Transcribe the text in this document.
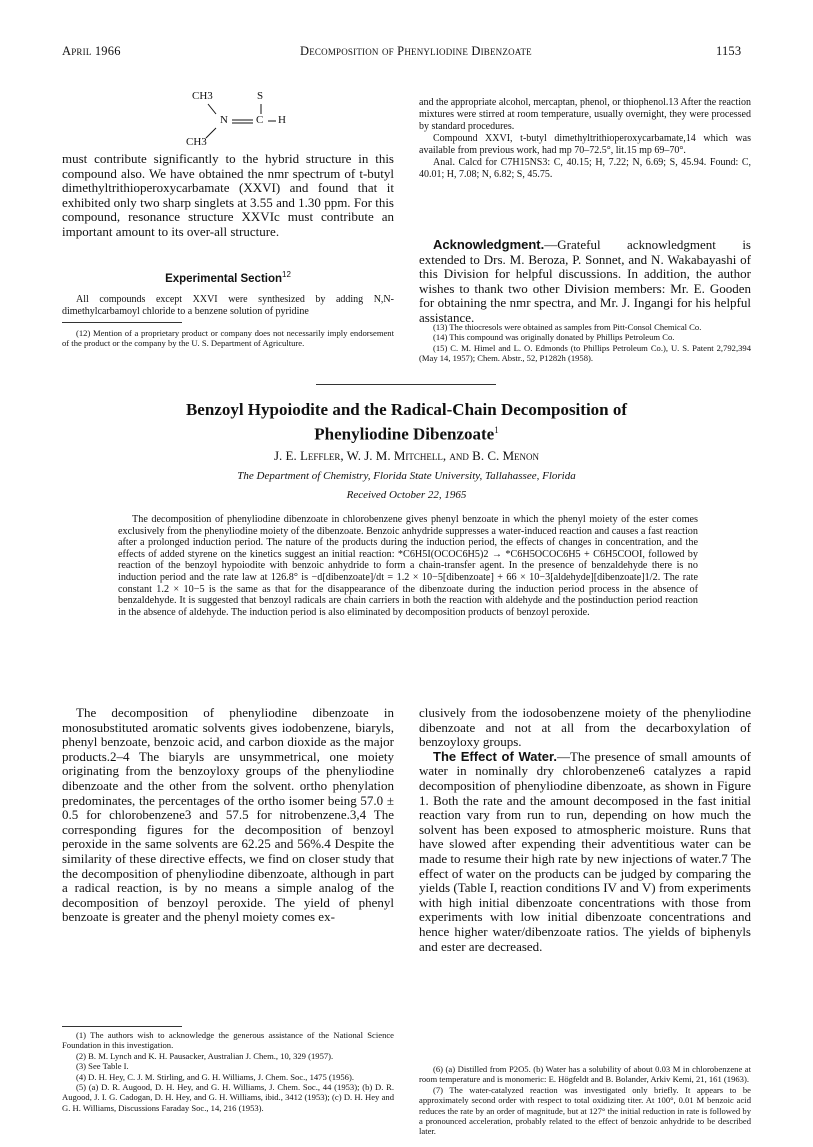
April 1966	Decomposition of Phenyliodine Dibenzoate	1153
CH3	S
N	C H
CH3

must contribute significantly to the hybrid structure in this compound also. We have obtained the nmr spectrum of t-butyl dimethyltrithioperoxycarbamate (XXVI) and found that it exhibited only two sharp singlets at 3.55 and 1.30 ppm. For this compound, resonance structure XXVIc must contribute an important amount to its over-all structure.

Experimental Section$^{12}$
All compounds except XXVI were synthesized by adding N,N-dimethylcarbamoyl chloride to a benzene solution of pyridine
(12) Mention of a proprietary product or company does not necessarily imply endorsement of the product or the company by the U. S. Department of Agriculture.

and the appropriate alcohol, mercaptan, phenol, or thiophenol.13 After the reaction mixtures were stirred at room temperature, usually overnight, they were processed by standard procedures.

Compound XXVI, t-butyl dimethyltrithioperoxycarbamate,14 which was available from previous work, had mp 70–72.5°, lit.15 mp 69–70°.

Anal. Calcd for C7H15NS3: C, 40.15; H, 7.22; N, 6.69; S, 45.94. Found: C, 40.01; H, 7.08; N, 6.82; S, 45.75.

Acknowledgment.—Grateful acknowledgment is extended to Drs. M. Beroza, P. Sonnet, and N. Wakabayashi of this Division for helpful discussions. In addition, the author wishes to thank two other Division members: Mr. E. Gooden for obtaining the nmr spectra, and Mr. J. Ingangi for his helpful assistance.

(13) The thiocresols were obtained as samples from Pitt-Consol Chemical Co.

(14) This compound was originally donated by Phillips Petroleum Co.

(15) C. M. Himel and L. O. Edmonds (to Phillips Petroleum Co.), U. S. Patent 2,792,394 (May 14, 1957); Chem. Abstr., 52, P1282h (1958).

Benzoyl Hypoiodite and the Radical-Chain Decomposition of
Phenyliodine Dibenzoate$^1$
J. E. Leffler, W. J. M. Mitchell, and B. C. Menon
The Department of Chemistry, Florida State University, Tallahassee, Florida
Received October 22, 1965
The decomposition of phenyliodine dibenzoate in chlorobenzene gives phenyl benzoate in which the phenyl moiety of the ester comes exclusively from the phenyliodine moiety of the dibenzoate. Benzoic anhydride suppresses a water-induced reaction and causes a fast reaction after a prolonged induction period. The nature of the products during the induction period, the effects of changes in concentration, and the effects of added styrene on the kinetics suggest an initial reaction: *C6H5I(OCOC6H5)2 → *C6H5OCOC6H5 + C6H5COOI, followed by reaction of the benzoyl hypoiodite with benzoic anhydride to form a chain-transfer agent. In the presence of benzaldehyde there is no induction period and the rate law at 126.8° is −d[dibenzoate]/dt = 1.2 × 10−5[dibenzoate] + 66 × 10−3[aldehyde][dibenzoate]1/2. The rate constant 1.2 × 10−5 is the same as that for the disappearance of the dibenzoate during the induction period process in the absence of benzaldehyde. It is suggested that benzoyl radicals are chain carriers in both the reaction with aldehyde and the postinduction period reaction in the absence of aldehyde. The induction period is also eliminated by decomposition products of benzoyl peroxide.
The decomposition of phenyliodine dibenzoate in monosubstituted aromatic solvents gives iodobenzene, biaryls, phenyl benzoate, benzoic acid, and carbon dioxide as the major products.2–4 The biaryls are unsymmetrical, one moiety originating from the benzoyloxy groups of the phenyliodine dibenzoate and the other from the solvent. ortho phenylation predominates, the percentages of the ortho isomer being 57.0 ± 0.5 for chlorobenzene3 and 57.5 for nitrobenzene.3,4 The corresponding figures for the decomposition of benzoyl peroxide in the same solvents are 62.25 and 56%.4 Despite the similarity of these directive effects, we find on closer study that the decomposition of phenyliodine dibenzoate, although in part a radical reaction, is by no means a simple analog of the decomposition of benzoyl peroxide. The yield of phenyl benzoate is greater and the phenyl moiety comes ex-

(1) The authors wish to acknowledge the generous assistance of the National Science Foundation in this investigation.

(2) B. M. Lynch and K. H. Pausacker, Australian J. Chem., 10, 329 (1957).

(3) See Table I.

(4) D. H. Hey, C. J. M. Stirling, and G. H. Williams, J. Chem. Soc., 1475 (1956).

(5) (a) D. R. Augood, D. H. Hey, and G. H. Williams, J. Chem. Soc., 44 (1953); (b) D. R. Augood, J. I. G. Cadogan, D. H. Hey, and G. H. Williams, ibid., 3412 (1953); (c) D. H. Hey and G. H. Williams, Discussions Faraday Soc., 14, 216 (1953).

clusively from the iodosobenzene moiety of the phenyliodine dibenzoate and not at all from the decarboxylation of benzoyloxy groups.

The Effect of Water.—The presence of small amounts of water in nominally dry chlorobenzene6 catalyzes a rapid decomposition of phenyliodine dibenzoate, as shown in Figure 1. Both the rate and the amount decomposed in the fast initial reaction vary from run to run, depending on how much the solvent has been exposed to atmospheric moisture. Runs that have slowed after expending their adventitious water can be made to resume their high rate by new injections of water.7 The effect of water on the products can be judged by comparing the yields (Table I, reaction conditions IV and V) from experiments with high initial dibenzoate concentrations with those from experiments with low initial dibenzoate concentrations and hence higher water/dibenzoate ratios. The yields of biphenyls and ester are decreased.

(6) (a) Distilled from P2O5. (b) Water has a solubility of about 0.03 M in chlorobenzene at room temperature and is monomeric: E. Högfeldt and B. Bolander, Arkiv Kemi, 21, 161 (1963).

(7) The water-catalyzed reaction was investigated only briefly. It appears to be approximately second order with respect to total oxidizing titer. At 100°, 0.01 M benzoic acid reduces the rate by an order of magnitude, but at 127° the initial reduction in rate is followed by a pronounced acceleration, probably related to the effect of benzoic anhydride to be described later.
